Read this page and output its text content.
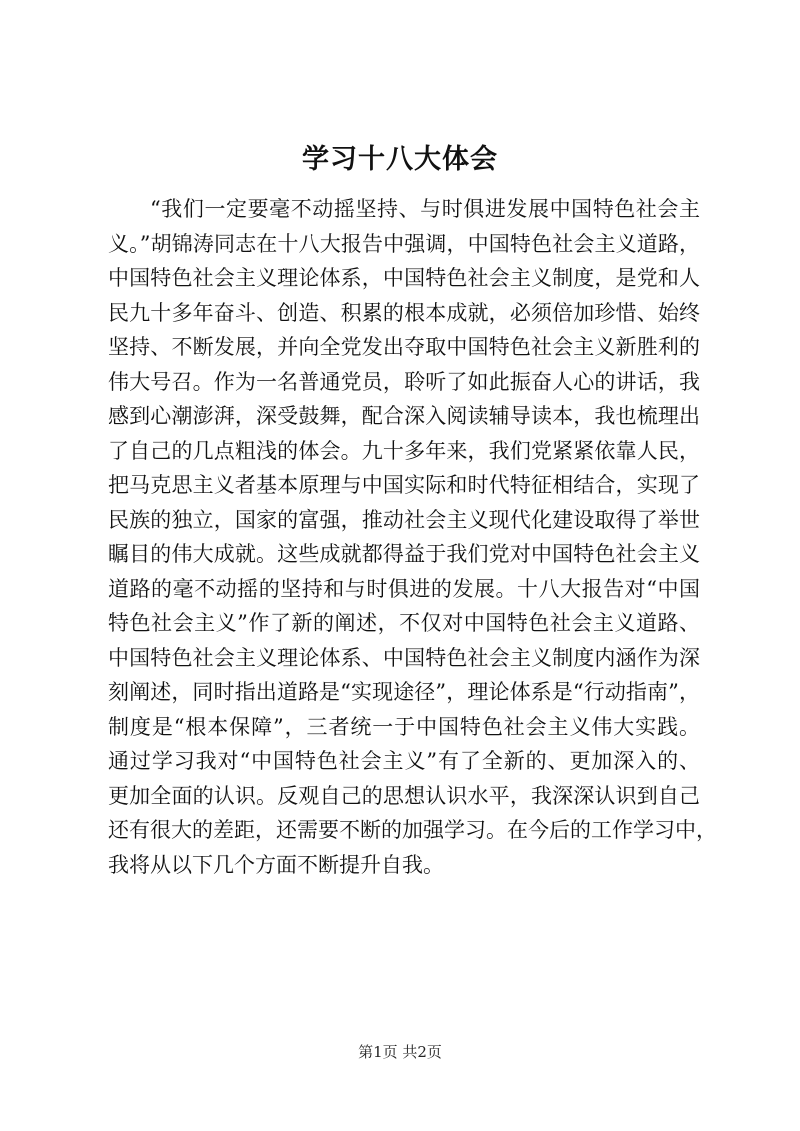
学习十八大体会
“我们一定要毫不动摇坚持、与时俱进发展中国特色社会主
义。”胡锦涛同志在十八大报告中强调，中国特色社会主义道路，
中国特色社会主义理论体系，中国特色社会主义制度，是党和人
民九十多年奋斗、创造、积累的根本成就，必须倍加珍惜、始终
坚持、不断发展，并向全党发出夺取中国特色社会主义新胜利的
伟大号召。作为一名普通党员，聆听了如此振奋人心的讲话，我
感到心潮澎湃，深受鼓舞，配合深入阅读辅导读本，我也梳理出
了自己的几点粗浅的体会。九十多年来，我们党紧紧依靠人民，
把马克思主义者基本原理与中国实际和时代特征相结合，实现了
民族的独立，国家的富强，推动社会主义现代化建设取得了举世
瞩目的伟大成就。这些成就都得益于我们党对中国特色社会主义
道路的毫不动摇的坚持和与时俱进的发展。十八大报告对“中国
特色社会主义”作了新的阐述，不仅对中国特色社会主义道路、
中国特色社会主义理论体系、中国特色社会主义制度内涵作为深
刻阐述，同时指出道路是“实现途径”，理论体系是“行动指南”，
制度是“根本保障”，三者统一于中国特色社会主义伟大实践。
通过学习我对“中国特色社会主义”有了全新的、更加深入的、
更加全面的认识。反观自己的思想认识水平，我深深认识到自己
还有很大的差距，还需要不断的加强学习。在今后的工作学习中，
我将从以下几个方面不断提升自我。
第1页 共2页
